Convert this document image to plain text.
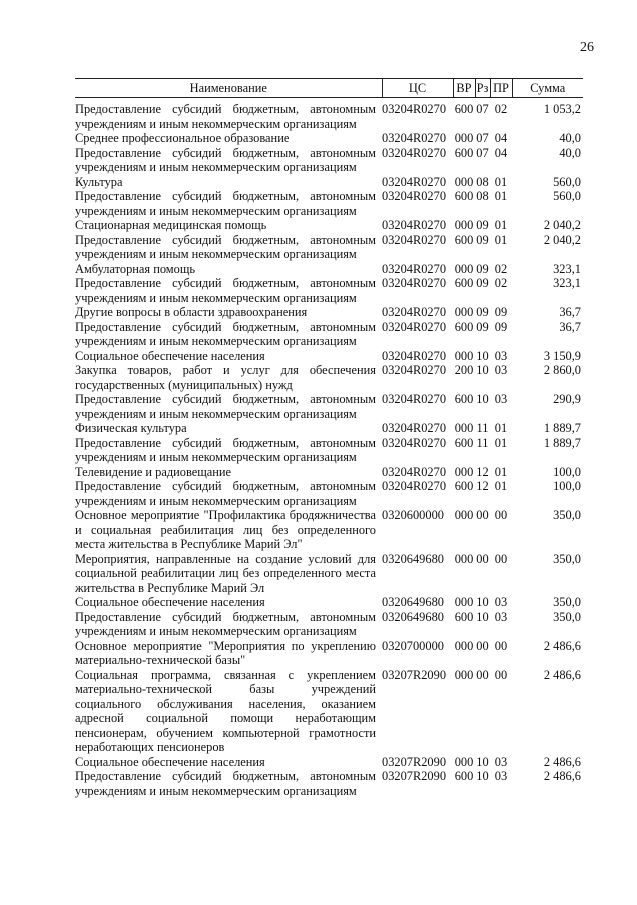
26
Наименование	ЦС	ВР	Рз	ПР	Сумма
Предоставление субсидий бюджетным, автономным учреждениям и иным некоммерческим организациям	03204R0270	600	07	02	1 053,2
Среднее профессиональное образование	03204R0270	000	07	04	40,0
Предоставление субсидий бюджетным, автономным учреждениям и иным некоммерческим организациям	03204R0270	600	07	04	40,0
Культура	03204R0270	000	08	01	560,0
Предоставление субсидий бюджетным, автономным учреждениям и иным некоммерческим организациям	03204R0270	600	08	01	560,0
Стационарная медицинская помощь	03204R0270	000	09	01	2 040,2
Предоставление субсидий бюджетным, автономным учреждениям и иным некоммерческим организациям	03204R0270	600	09	01	2 040,2
Амбулаторная помощь	03204R0270	000	09	02	323,1
Предоставление субсидий бюджетным, автономным учреждениям и иным некоммерческим организациям	03204R0270	600	09	02	323,1
Другие вопросы в области здравоохранения	03204R0270	000	09	09	36,7
Предоставление субсидий бюджетным, автономным учреждениям и иным некоммерческим организациям	03204R0270	600	09	09	36,7
Социальное обеспечение населения	03204R0270	000	10	03	3 150,9
Закупка товаров, работ и услуг для обеспечения государственных (муниципальных) нужд	03204R0270	200	10	03	2 860,0
Предоставление субсидий бюджетным, автономным учреждениям и иным некоммерческим организациям	03204R0270	600	10	03	290,9
Физическая культура	03204R0270	000	11	01	1 889,7
Предоставление субсидий бюджетным, автономным учреждениям и иным некоммерческим организациям	03204R0270	600	11	01	1 889,7
Телевидение и радиовещание	03204R0270	000	12	01	100,0
Предоставление субсидий бюджетным, автономным учреждениям и иным некоммерческим организациям	03204R0270	600	12	01	100,0
Основное мероприятие "Профилактика бродяжничества и социальная реабилитация лиц без определенного места жительства в Республике Марий Эл"	0320600000	000	00	00	350,0
Мероприятия, направленные на создание условий для социальной реабилитации лиц без определенного места жительства в Республике Марий Эл	0320649680	000	00	00	350,0
Социальное обеспечение населения	0320649680	000	10	03	350,0
Предоставление субсидий бюджетным, автономным учреждениям и иным некоммерческим организациям	0320649680	600	10	03	350,0
Основное мероприятие "Мероприятия по укреплению материально-технической базы"	0320700000	000	00	00	2 486,6
Социальная программа, связанная с укреплением материально-технической базы учреждений социального обслуживания населения, оказанием адресной социальной помощи неработающим пенсионерам, обучением компьютерной грамотности неработающих пенсионеров	03207R2090	000	00	00	2 486,6
Социальное обеспечение населения	03207R2090	000	10	03	2 486,6
Предоставление субсидий бюджетным, автономным учреждениям и иным некоммерческим организациям	03207R2090	600	10	03	2 486,6
